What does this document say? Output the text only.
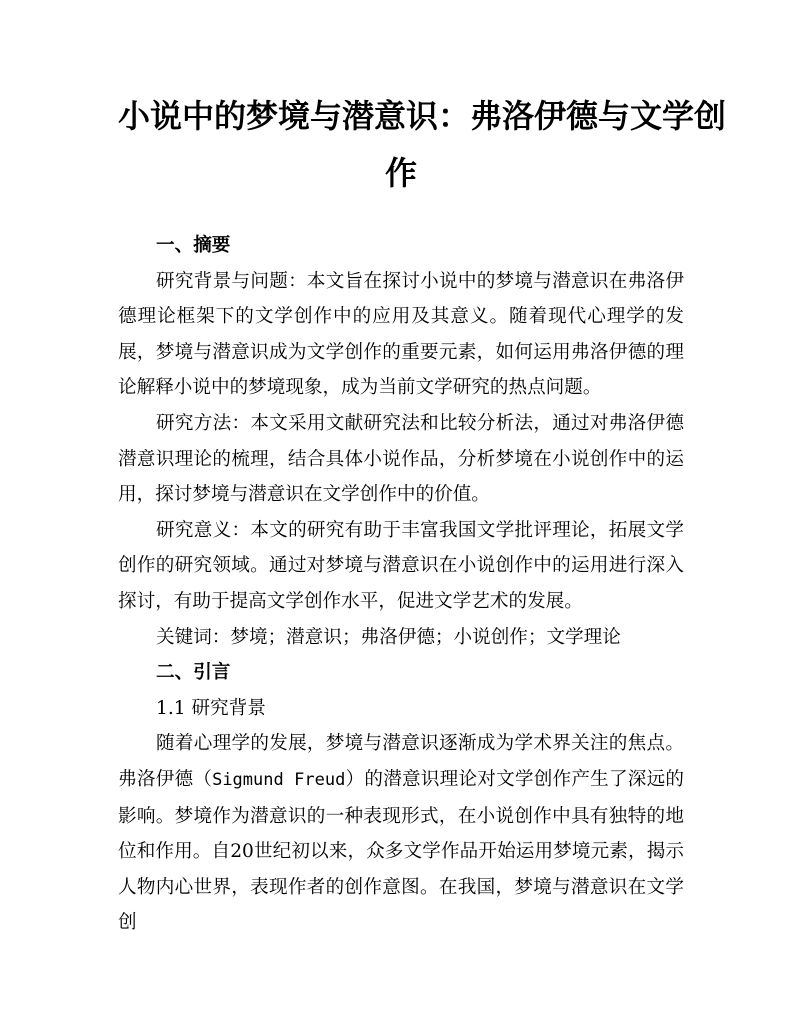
小说中的梦境与潜意识：弗洛伊德与文学创
作

一、摘要

研究背景与问题：本文旨在探讨小说中的梦境与潜意识在弗洛伊德理论框架下的文学创作中的应用及其意义。随着现代心理学的发展，梦境与潜意识成为文学创作的重要元素，如何运用弗洛伊德的理论解释小说中的梦境现象，成为当前文学研究的热点问题。

研究方法：本文采用文献研究法和比较分析法，通过对弗洛伊德潜意识理论的梳理，结合具体小说作品，分析梦境在小说创作中的运用，探讨梦境与潜意识在文学创作中的价值。

研究意义：本文的研究有助于丰富我国文学批评理论，拓展文学创作的研究领域。通过对梦境与潜意识在小说创作中的运用进行深入探讨，有助于提高文学创作水平，促进文学艺术的发展。

关键词：梦境；潜意识；弗洛伊德；小说创作；文学理论

二、引言

1.1 研究背景

随着心理学的发展，梦境与潜意识逐渐成为学术界关注的焦点。弗洛伊德（Sigmund Freud）的潜意识理论对文学创作产生了深远的影响。梦境作为潜意识的一种表现形式，在小说创作中具有独特的地位和作用。自20世纪初以来，众多文学作品开始运用梦境元素，揭示人物内心世界，表现作者的创作意图。在我国，梦境与潜意识在文学创
